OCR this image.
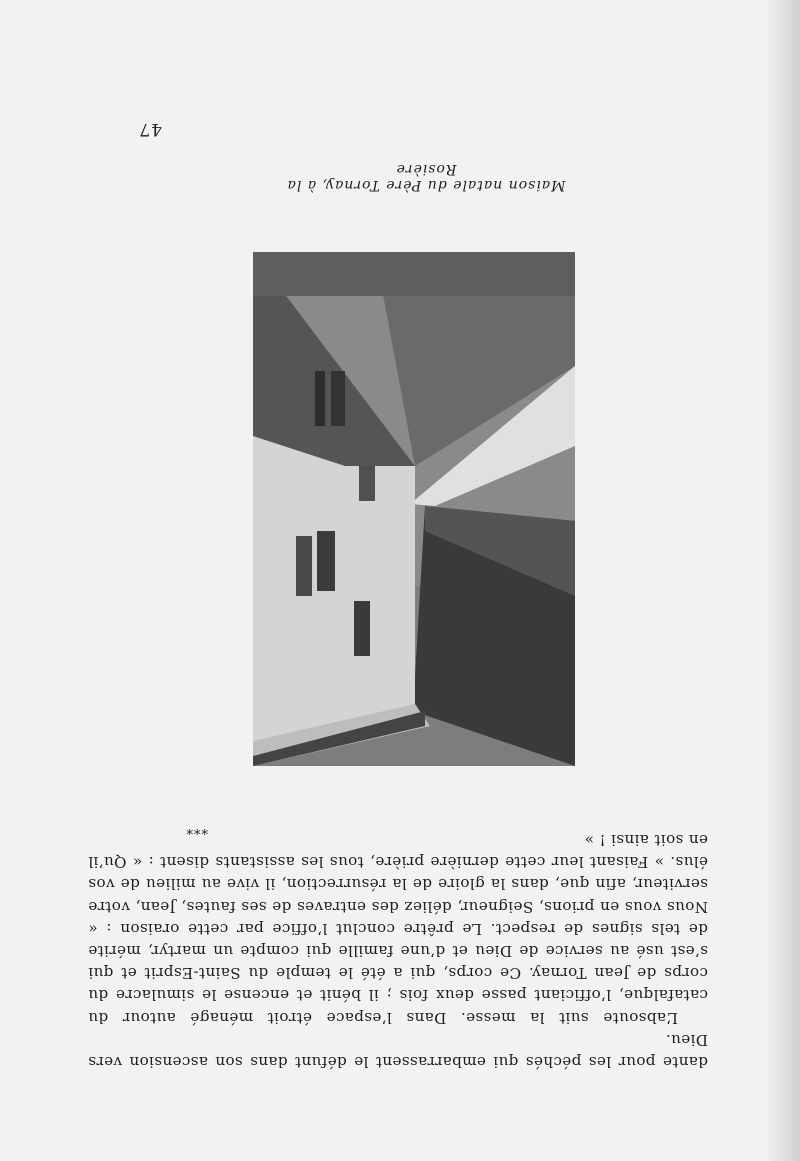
dante pour les péchés qui embarrassent le défunt dans son ascension vers Dieu.

L’absoute suit la messe. Dans l’espace étroit ménagé autour du catafalque, l’officiant passe deux fois ; il bénit et encense le simulacre du corps de Jean Tornay. Ce corps, qui a été le temple du Saint-Esprit et qui s’est usé au service de Dieu et d’une famille qui compte un martyr, mérite de tels signes de respect. Le prêtre conclut l’office par cette oraison : « Nous vous en prions, Seigneur, déliez des entraves de ses fautes, Jean, votre serviteur, afin que, dans la gloire de la résurrection, il vive au milieu de vos élus. » Faisant leur cette dernière prière, tous les assistants disent : « Qu’il en soit ainsi ! »

***
Maison natale du Père Tornay, à la Rosière
47
